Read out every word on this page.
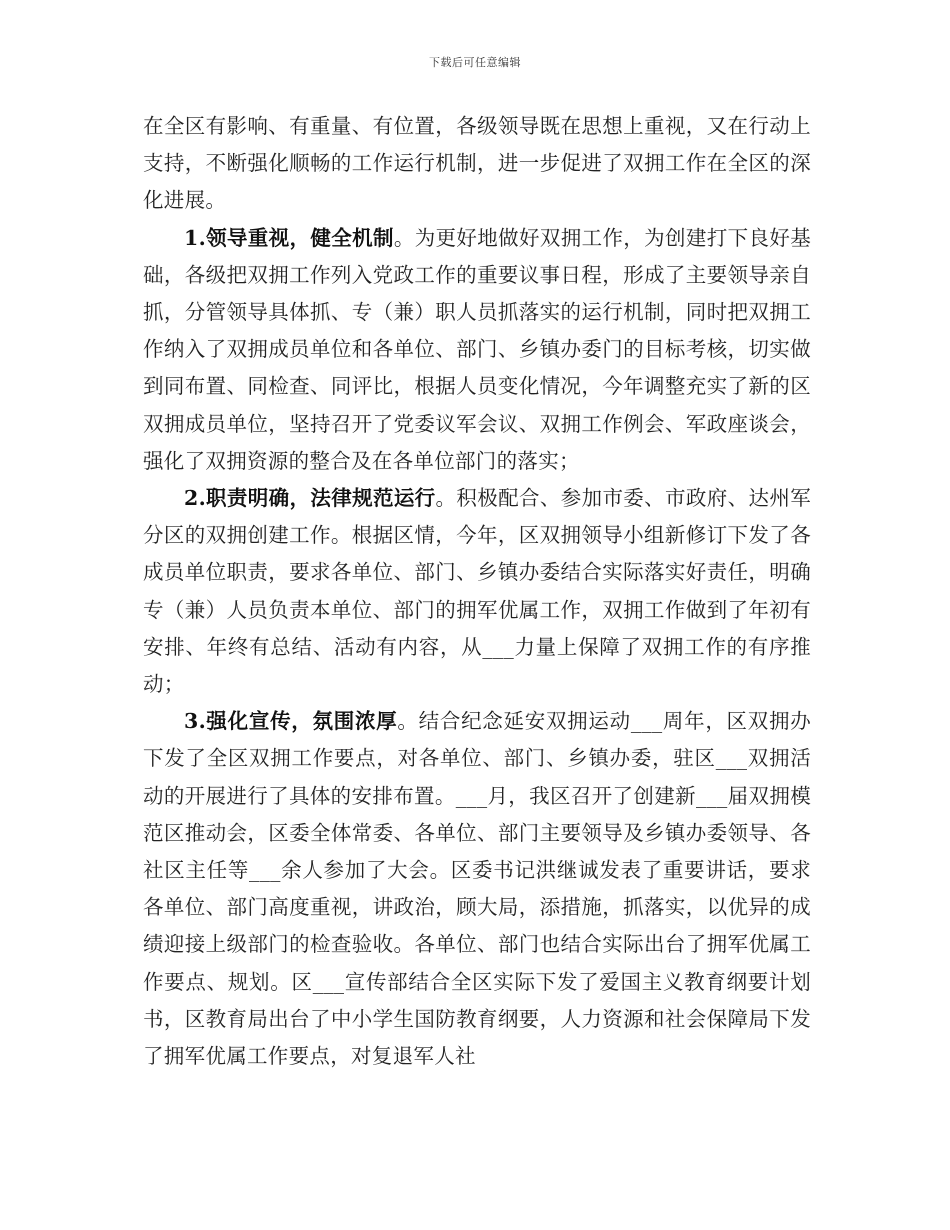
下载后可任意编辑

在全区有影响、有重量、有位置，各级领导既在思想上重视，又在行动上支持，不断强化顺畅的工作运行机制，进一步促进了双拥工作在全区的深化进展。

1.领导重视，健全机制。为更好地做好双拥工作，为创建打下良好基础，各级把双拥工作列入党政工作的重要议事日程，形成了主要领导亲自抓，分管领导具体抓、专（兼）职人员抓落实的运行机制，同时把双拥工作纳入了双拥成员单位和各单位、部门、乡镇办委门的目标考核，切实做到同布置、同检查、同评比，根据人员变化情况，今年调整充实了新的区双拥成员单位，坚持召开了党委议军会议、双拥工作例会、军政座谈会，强化了双拥资源的整合及在各单位部门的落实；

2.职责明确，法律规范运行。积极配合、参加市委、市政府、达州军分区的双拥创建工作。根据区情，今年，区双拥领导小组新修订下发了各成员单位职责，要求各单位、部门、乡镇办委结合实际落实好责任，明确专（兼）人员负责本单位、部门的拥军优属工作，双拥工作做到了年初有安排、年终有总结、活动有内容，从___力量上保障了双拥工作的有序推动；

3.强化宣传，氛围浓厚。结合纪念延安双拥运动___周年，区双拥办下发了全区双拥工作要点，对各单位、部门、乡镇办委，驻区___双拥活动的开展进行了具体的安排布置。___月，我区召开了创建新___届双拥模范区推动会，区委全体常委、各单位、部门主要领导及乡镇办委领导、各社区主任等___余人参加了大会。区委书记洪继诚发表了重要讲话，要求各单位、部门高度重视，讲政治，顾大局，添措施，抓落实，以优异的成绩迎接上级部门的检查验收。各单位、部门也结合实际出台了拥军优属工作要点、规划。区___宣传部结合全区实际下发了爱国主义教育纲要计划书，区教育局出台了中小学生国防教育纲要，人力资源和社会保障局下发了拥军优属工作要点，对复退军人社
